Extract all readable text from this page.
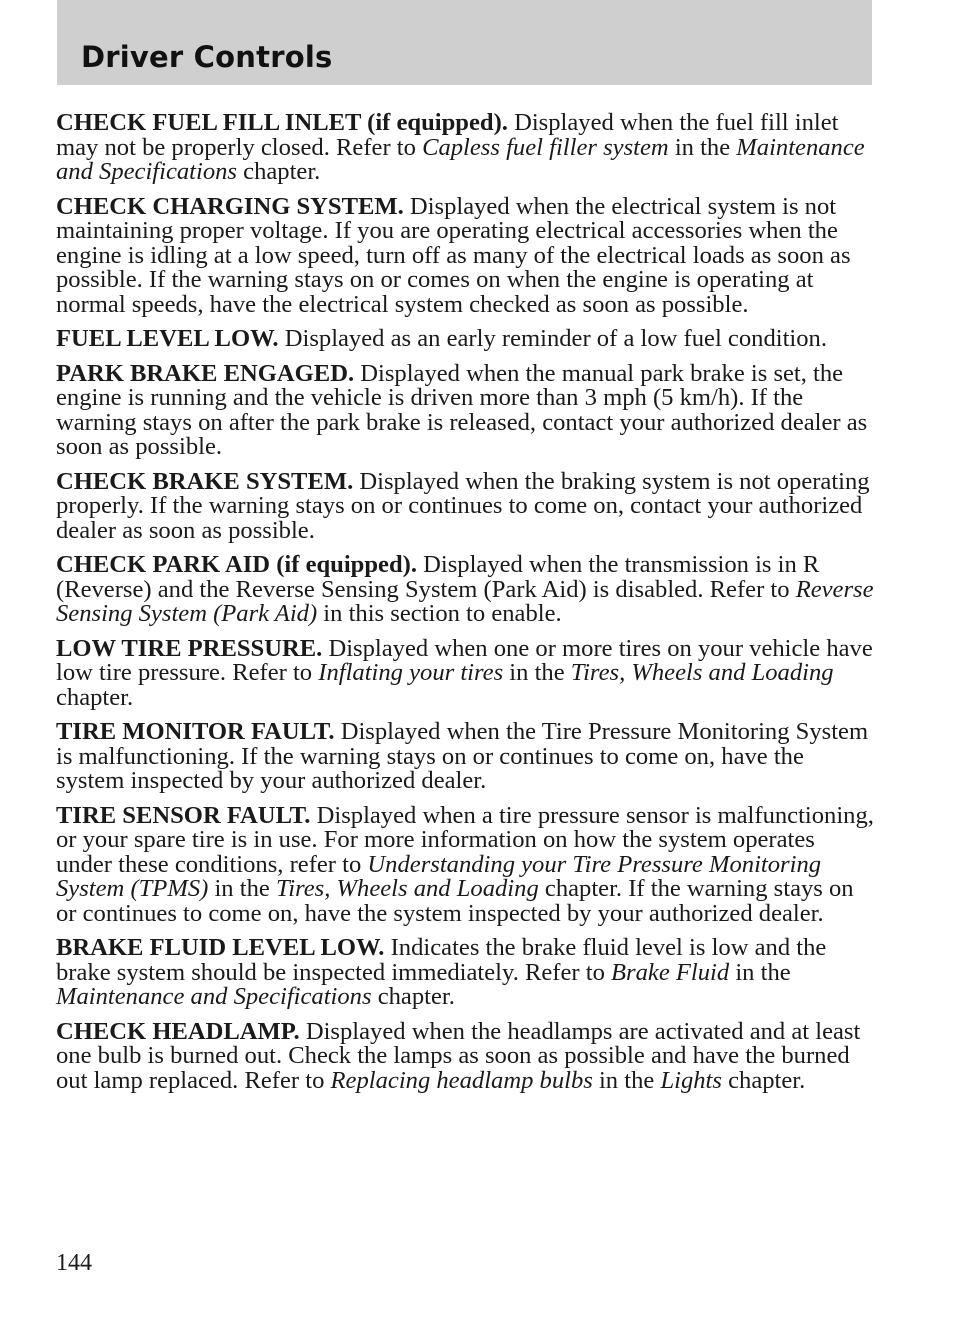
Driver Controls

CHECK FUEL FILL INLET (if equipped). Displayed when the fuel fill inlet may not be properly closed. Refer to Capless fuel filler system in the Maintenance and Specifications chapter.

CHECK CHARGING SYSTEM. Displayed when the electrical system is not maintaining proper voltage. If you are operating electrical accessories when the engine is idling at a low speed, turn off as many of the electrical loads as soon as possible. If the warning stays on or comes on when the engine is operating at normal speeds, have the electrical system checked as soon as possible.

FUEL LEVEL LOW. Displayed as an early reminder of a low fuel condition.

PARK BRAKE ENGAGED. Displayed when the manual park brake is set, the engine is running and the vehicle is driven more than 3 mph (5 km/h). If the warning stays on after the park brake is released, contact your authorized dealer as soon as possible.

CHECK BRAKE SYSTEM. Displayed when the braking system is not operating properly. If the warning stays on or continues to come on, contact your authorized dealer as soon as possible.

CHECK PARK AID (if equipped). Displayed when the transmission is in R (Reverse) and the Reverse Sensing System (Park Aid) is disabled. Refer to Reverse Sensing System (Park Aid) in this section to enable.

LOW TIRE PRESSURE. Displayed when one or more tires on your vehicle have low tire pressure. Refer to Inflating your tires in the Tires, Wheels and Loading chapter.

TIRE MONITOR FAULT. Displayed when the Tire Pressure Monitoring System is malfunctioning. If the warning stays on or continues to come on, have the system inspected by your authorized dealer.

TIRE SENSOR FAULT. Displayed when a tire pressure sensor is malfunctioning, or your spare tire is in use. For more information on how the system operates under these conditions, refer to Understanding your Tire Pressure Monitoring System (TPMS) in the Tires, Wheels and Loading chapter. If the warning stays on or continues to come on, have the system inspected by your authorized dealer.

BRAKE FLUID LEVEL LOW. Indicates the brake fluid level is low and the brake system should be inspected immediately. Refer to Brake Fluid in the Maintenance and Specifications chapter.

CHECK HEADLAMP. Displayed when the headlamps are activated and at least one bulb is burned out. Check the lamps as soon as possible and have the burned out lamp replaced. Refer to Replacing headlamp bulbs in the Lights chapter.

144
